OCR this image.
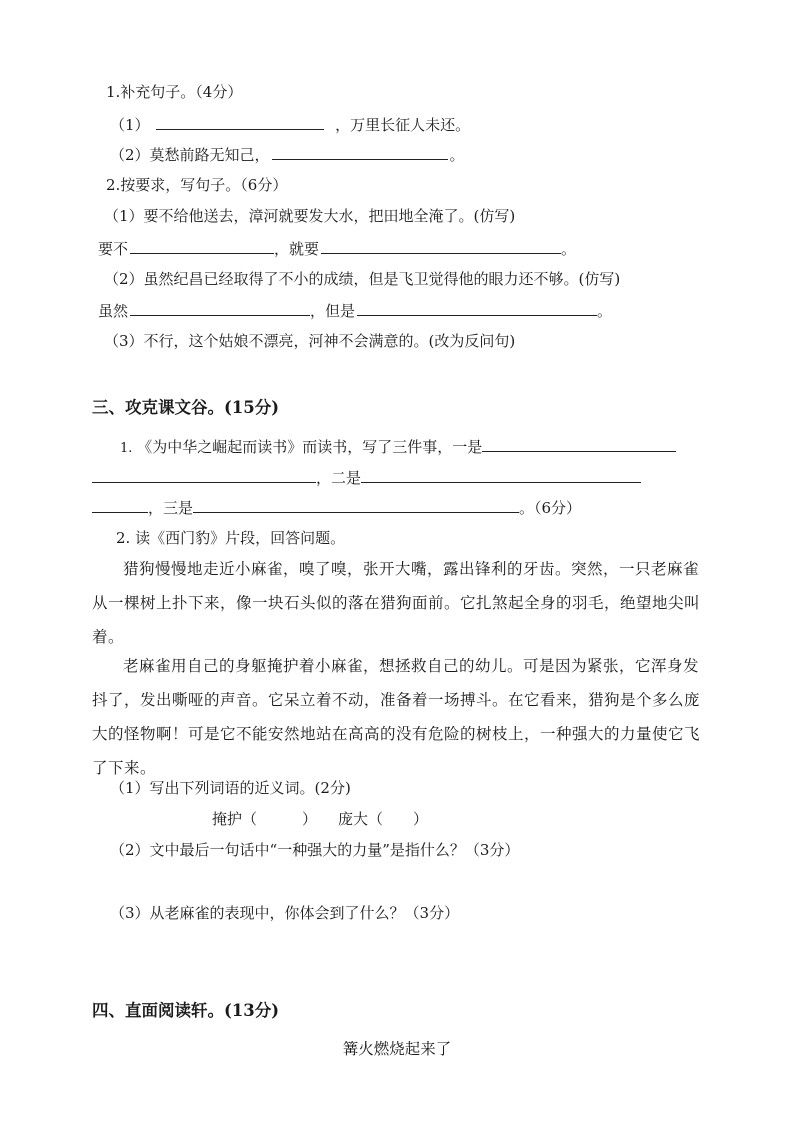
1.补充句子。（4分）
（1）	，万里长征人未还。
（2）莫愁前路无知己，	。
2.按要求，写句子。（6分）
（1）要不给他送去，漳河就要发大水，把田地全淹了。(仿写)
要不	，就要	。
（2）虽然纪昌已经取得了不小的成绩，但是飞卫觉得他的眼力还不够。(仿写)
虽然	，但是	。
（3）不行，这个姑娘不漂亮，河神不会满意的。(改为反问句)
三、攻克课文谷。(15分)
1. 《为中华之崛起而读书》而读书，写了三件事，一是
，二是
，三是	。（6分）
2. 读《西门豹》片段，回答问题。
猎狗慢慢地走近小麻雀，嗅了嗅，张开大嘴，露出锋利的牙齿。突然，一只老麻雀从一棵树上扑下来，像一块石头似的落在猎狗面前。它扎煞起全身的羽毛，绝望地尖叫着。
老麻雀用自己的身躯掩护着小麻雀，想拯救自己的幼儿。可是因为紧张，它浑身发抖了，发出嘶哑的声音。它呆立着不动，准备着一场搏斗。在它看来，猎狗是个多么庞大的怪物啊！可是它不能安然地站在高高的没有危险的树枝上，一种强大的力量使它飞了下来。
（1）写出下列词语的近义词。(2分)
掩护（　　　） 庞大（　　）
（2）文中最后一句话中“一种强大的力量”是指什么？（3分）
（3）从老麻雀的表现中，你体会到了什么？（3分）
四、直面阅读轩。(13分)
篝火燃烧起来了
